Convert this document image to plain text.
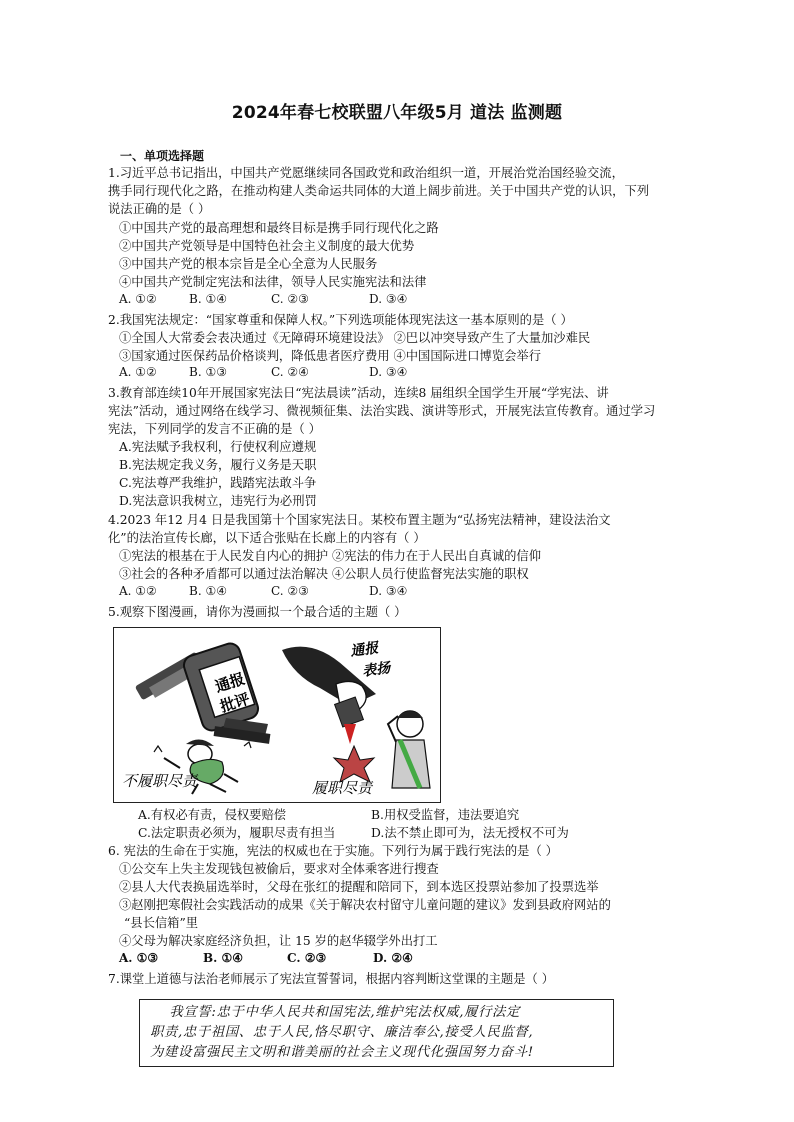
2024年春七校联盟八年级5月 道法 监测题
一、单项选择题
1.习近平总书记指出，中国共产党愿继续同各国政党和政治组织一道，开展治党治国经验交流，
携手同行现代化之路，在推动构建人类命运共同体的大道上阔步前进。关于中国共产党的认识，下列
说法正确的是（ ）
①中国共产党的最高理想和最终目标是携手同行现代化之路
②中国共产党领导是中国特色社会主义制度的最大优势
③中国共产党的根本宗旨是全心全意为人民服务
④中国共产党制定宪法和法律，领导人民实施宪法和法律
A. ①②	B. ①④	C. ②③	D. ③④
2.我国宪法规定：“国家尊重和保障人权。”下列选项能体现宪法这一基本原则的是（ ）
①全国人大常委会表决通过《无障碍环境建设法》 ②巴以冲突导致产生了大量加沙难民
③国家通过医保药品价格谈判，降低患者医疗费用 ④中国国际进口博览会举行
A. ①②	B. ①③	C. ②④	D. ③④
3.教育部连续10年开展国家宪法日“宪法晨读”活动，连续8 届组织全国学生开展“学宪法、讲
宪法”活动，通过网络在线学习、微视频征集、法治实践、演讲等形式，开展宪法宣传教育。通过学习
宪法，下列同学的发言不正确的是（ ）
A.宪法赋予我权利，行使权利应遵规
B.宪法规定我义务，履行义务是天职
C.宪法尊严我维护，践踏宪法敢斗争
D.宪法意识我树立，违宪行为必刑罚
4.2023 年12 月4 日是我国第十个国家宪法日。某校布置主题为“弘扬宪法精神，建设法治文
化”的法治宣传长廊，以下适合张贴在长廊上的内容有（ ）
①宪法的根基在于人民发自内心的拥护 ②宪法的伟力在于人民出自真诚的信仰
③社会的各种矛盾都可以通过法治解决 ④公职人员行使监督宪法实施的职权
A. ①②	B. ①④	C. ②③	D. ③④
5.观察下图漫画，请你为漫画拟一个最合适的主题（ ）
通报
批评
不履职尽责
通报
表扬
履职尽责
A.有权必有责，侵权要赔偿	B.用权受监督，违法要追究
C.法定职责必须为，履职尽责有担当	D.法不禁止即可为，法无授权不可为
6. 宪法的生命在于实施，宪法的权威也在于实施。下列行为属于践行宪法的是（ ）
①公交车上失主发现钱包被偷后，要求对全体乘客进行搜查
②县人大代表换届选举时，父母在张红的提醒和陪同下，到本选区投票站参加了投票选举
③赵刚把寒假社会实践活动的成果《关于解决农村留守儿童问题的建议》发到县政府网站的
“县长信箱”里
④父母为解决家庭经济负担，让 15 岁的赵华辍学外出打工
A. ①③	B. ①④	C. ②③	D. ②④
7.课堂上道德与法治老师展示了宪法宣誓誓词，根据内容判断这堂课的主题是（ ）
我宣誓:忠于中华人民共和国宪法,维护宪法权威,履行法定
职责,忠于祖国、忠于人民,恪尽职守、廉洁奉公,接受人民监督,
为建设富强民主文明和谐美丽的社会主义现代化强国努力奋斗!
